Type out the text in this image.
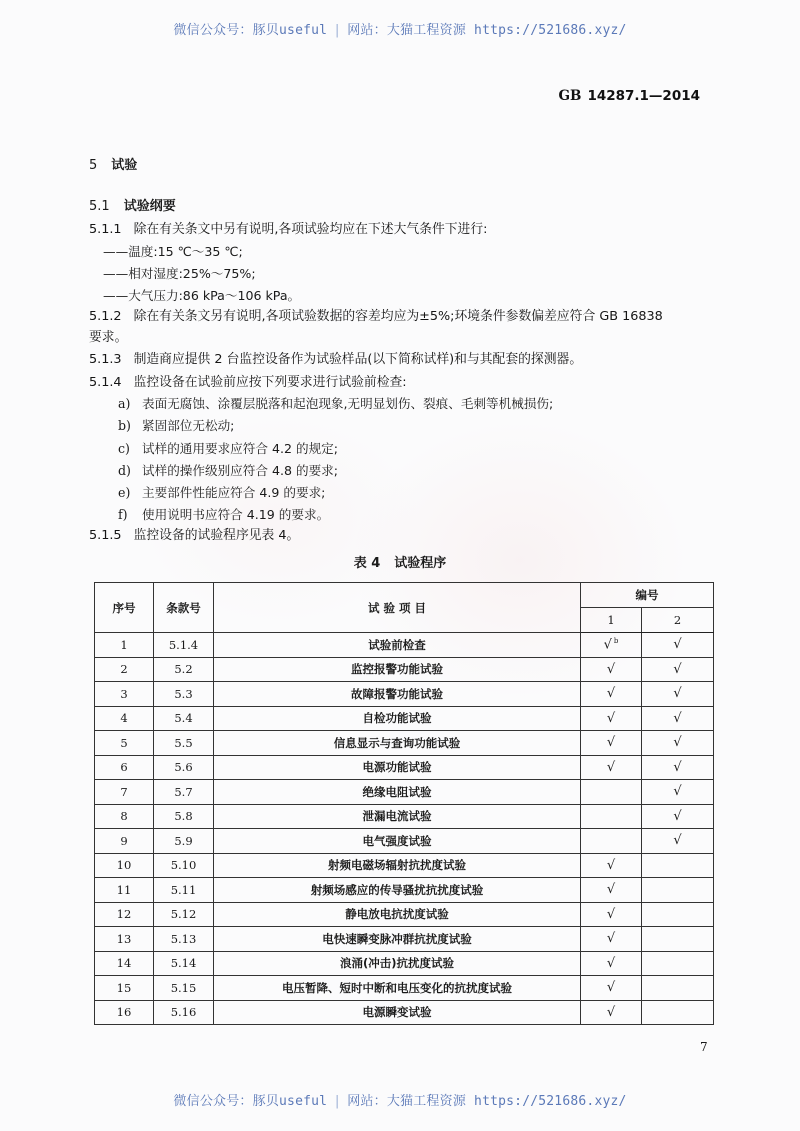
微信公众号：豚贝useful | 网站：大猫工程资源 https://521686.xyz/
GB 14287.1—2014
5 试验
5.1 试验纲要
5.1.1 除在有关条文中另有说明,各项试验均应在下述大气条件下进行:
——温度:15 ℃～35 ℃;
——相对湿度:25%～75%;
——大气压力:86 kPa～106 kPa。
5.1.2 除在有关条文另有说明,各项试验数据的容差均应为±5%;环境条件参数偏差应符合 GB 16838
要求。
5.1.3 制造商应提供 2 台监控设备作为试验样品(以下简称试样)和与其配套的探测器。
5.1.4 监控设备在试验前应按下列要求进行试验前检查:
a) 表面无腐蚀、涂覆层脱落和起泡现象,无明显划伤、裂痕、毛刺等机械损伤;
b) 紧固部位无松动;
c) 试样的通用要求应符合 4.2 的规定;
d) 试样的操作级别应符合 4.8 的要求;
e) 主要部件性能应符合 4.9 的要求;
f) 使用说明书应符合 4.19 的要求。
5.1.5 监控设备的试验程序见表 4。
表 4 试验程序
序号	条款号	试 验 项 目	编号	
			1	2
1	5.1.4	试验前检查	√ $^b$	√
2	5.2	监控报警功能试验	√	√
3	5.3	故障报警功能试验	√	√
4	5.4	自检功能试验	√	√
5	5.5	信息显示与查询功能试验	√	√
6	5.6	电源功能试验	√	√
7	5.7	绝缘电阻试验		√
8	5.8	泄漏电流试验		√
9	5.9	电气强度试验		√
10	5.10	射频电磁场辐射抗扰度试验	√	
11	5.11	射频场感应的传导骚扰抗扰度试验	√	
12	5.12	静电放电抗扰度试验	√	
13	5.13	电快速瞬变脉冲群抗扰度试验	√	
14	5.14	浪涌(冲击)抗扰度试验	√	
15	5.15	电压暂降、短时中断和电压变化的抗扰度试验	√	
16	5.16	电源瞬变试验	√	
7
微信公众号：豚贝useful | 网站：大猫工程资源 https://521686.xyz/
